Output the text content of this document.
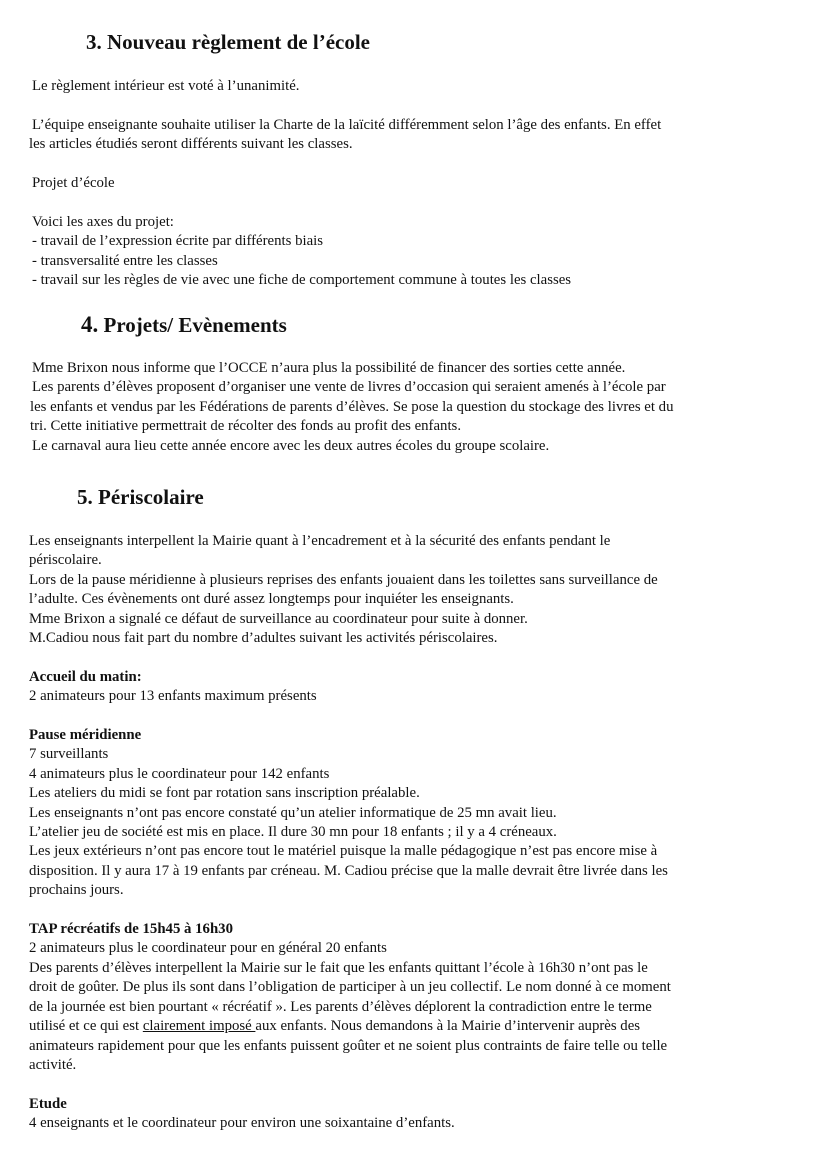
3. Nouveau règlement de l’école

Le règlement intérieur est voté à l’unanimité.

L’équipe enseignante souhaite utiliser la Charte de la laïcité différemment selon l’âge des enfants. En effet

les articles étudiés seront différents suivant les classes.

Projet d’école

Voici les axes du projet:

- travail de l’expression écrite par différents biais

- transversalité entre les classes

- travail sur les règles de vie avec une fiche de comportement commune à toutes les classes

4. Projets/ Evènements

Mme Brixon nous informe que l’OCCE n’aura plus la possibilité de financer des sorties cette année.

Les parents d’élèves proposent d’organiser une vente de livres d’occasion qui seraient amenés à l’école par

les enfants et vendus par les Fédérations de parents d’élèves. Se pose la question du stockage des livres et du

tri. Cette initiative permettrait de récolter des fonds au profit des enfants.

Le carnaval aura lieu cette année encore avec les deux autres écoles du groupe scolaire.

5. Périscolaire

Les enseignants interpellent la Mairie quant à l’encadrement et à la sécurité des enfants pendant le

périscolaire.

Lors de la pause méridienne à plusieurs reprises des enfants jouaient dans les toilettes sans surveillance de

l’adulte. Ces évènements ont duré assez longtemps pour inquiéter les enseignants.

Mme Brixon a signalé ce défaut de surveillance au coordinateur pour suite à donner.

M.Cadiou nous fait part du nombre d’adultes suivant les activités périscolaires.

Accueil du matin:

2 animateurs pour 13 enfants maximum présents

Pause méridienne

7 surveillants

4 animateurs plus le coordinateur pour 142 enfants

Les ateliers du midi se font par rotation sans inscription préalable.

Les enseignants n’ont pas encore constaté qu’un atelier informatique de 25 mn avait lieu.

L’atelier jeu de société est mis en place. Il dure 30 mn pour 18 enfants ; il y a 4 créneaux.

Les jeux extérieurs n’ont pas encore tout le matériel puisque la malle pédagogique n’est pas encore mise à

disposition. Il y aura 17 à 19 enfants par créneau. M. Cadiou précise que la malle devrait être livrée dans les

prochains jours.

TAP récréatifs de 15h45 à 16h30

2 animateurs plus le coordinateur pour en général 20 enfants

Des parents d’élèves interpellent la Mairie sur le fait que les enfants quittant l’école à 16h30 n’ont pas le

droit de goûter. De plus ils sont dans l’obligation de participer à un jeu collectif. Le nom donné à ce moment

de la journée est bien pourtant « récréatif ». Les parents d’élèves déplorent la contradiction entre le terme

utilisé et ce qui est clairement imposé aux enfants. Nous demandons à la Mairie d’intervenir auprès des

animateurs rapidement pour que les enfants puissent goûter et ne soient plus contraints de faire telle ou telle

activité.

Etude

4 enseignants et le coordinateur pour environ une soixantaine d’enfants.
